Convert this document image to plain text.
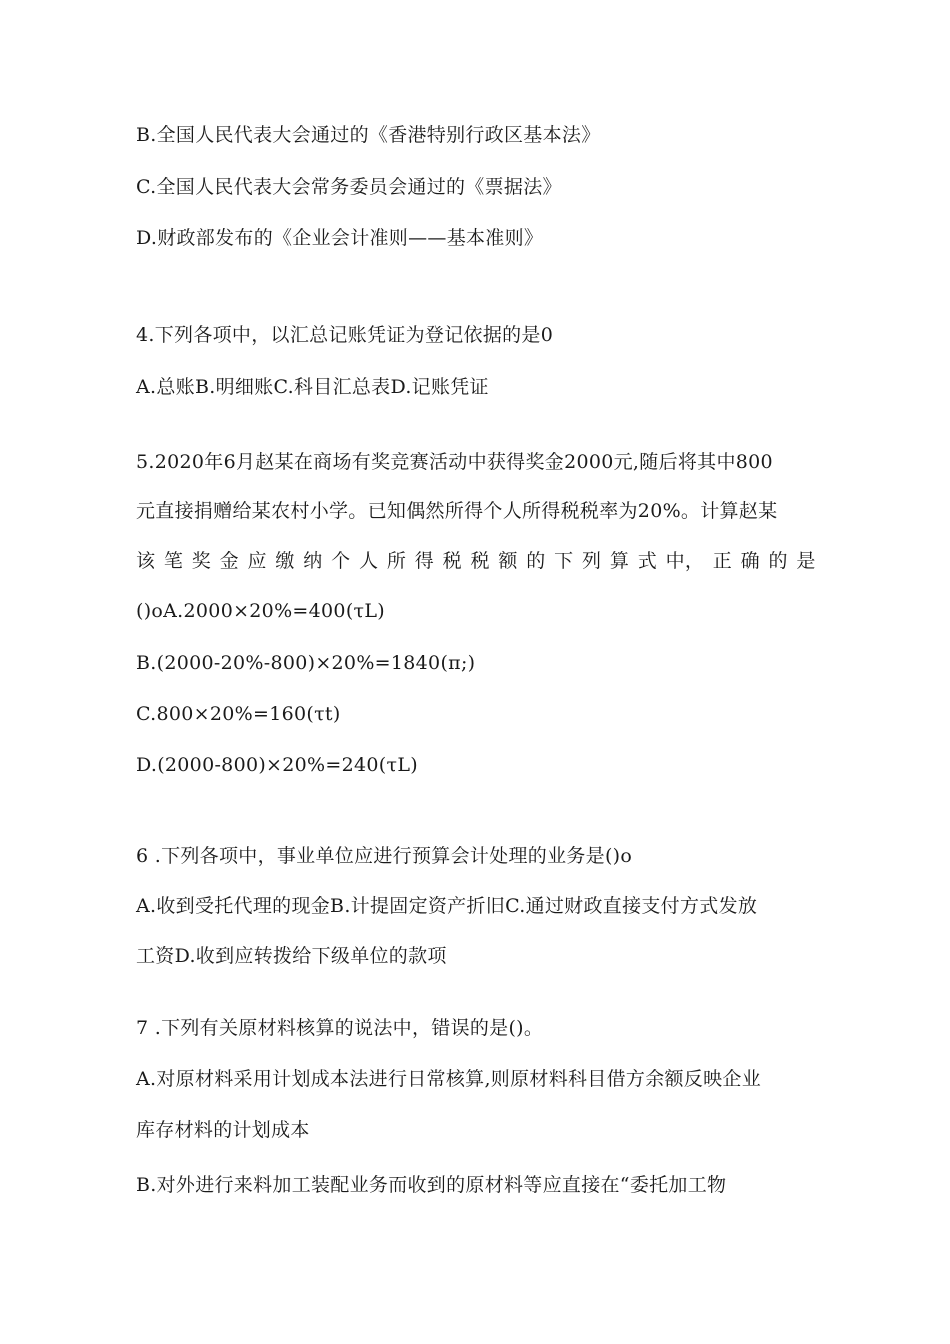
B.全国人民代表大会通过的《香港特别行政区基本法》
C.全国人民代表大会常务委员会通过的《票据法》
D.财政部发布的《企业会计准则——基本准则》
4.下列各项中，以汇总记账凭证为登记依据的是0
A.总账B.明细账C.科目汇总表D.记账凭证
5.2020年6月赵某在商场有奖竞赛活动中获得奖金2000元,随后将其中800
元直接捐赠给某农村小学。已知偶然所得个人所得税税率为20%。计算赵某
该 笔 奖 金 应 缴 纳 个 人 所 得 税 税 额 的 下 列 算 式 中， 正 确 的 是
()oA.2000×20%=400(τL)
B.(2000-20%-800)×20%=1840(π;)
C.800×20%=160(τt)
D.(2000-800)×20%=240(τL)
6 .下列各项中，事业单位应进行预算会计处理的业务是()o
A.收到受托代理的现金B.计提固定资产折旧C.通过财政直接支付方式发放
工资D.收到应转拨给下级单位的款项
7 .下列有关原材料核算的说法中，错误的是()。
A.对原材料采用计划成本法进行日常核算,则原材料科目借方余额反映企业
库存材料的计划成本
B.对外进行来料加工装配业务而收到的原材料等应直接在“委托加工物
